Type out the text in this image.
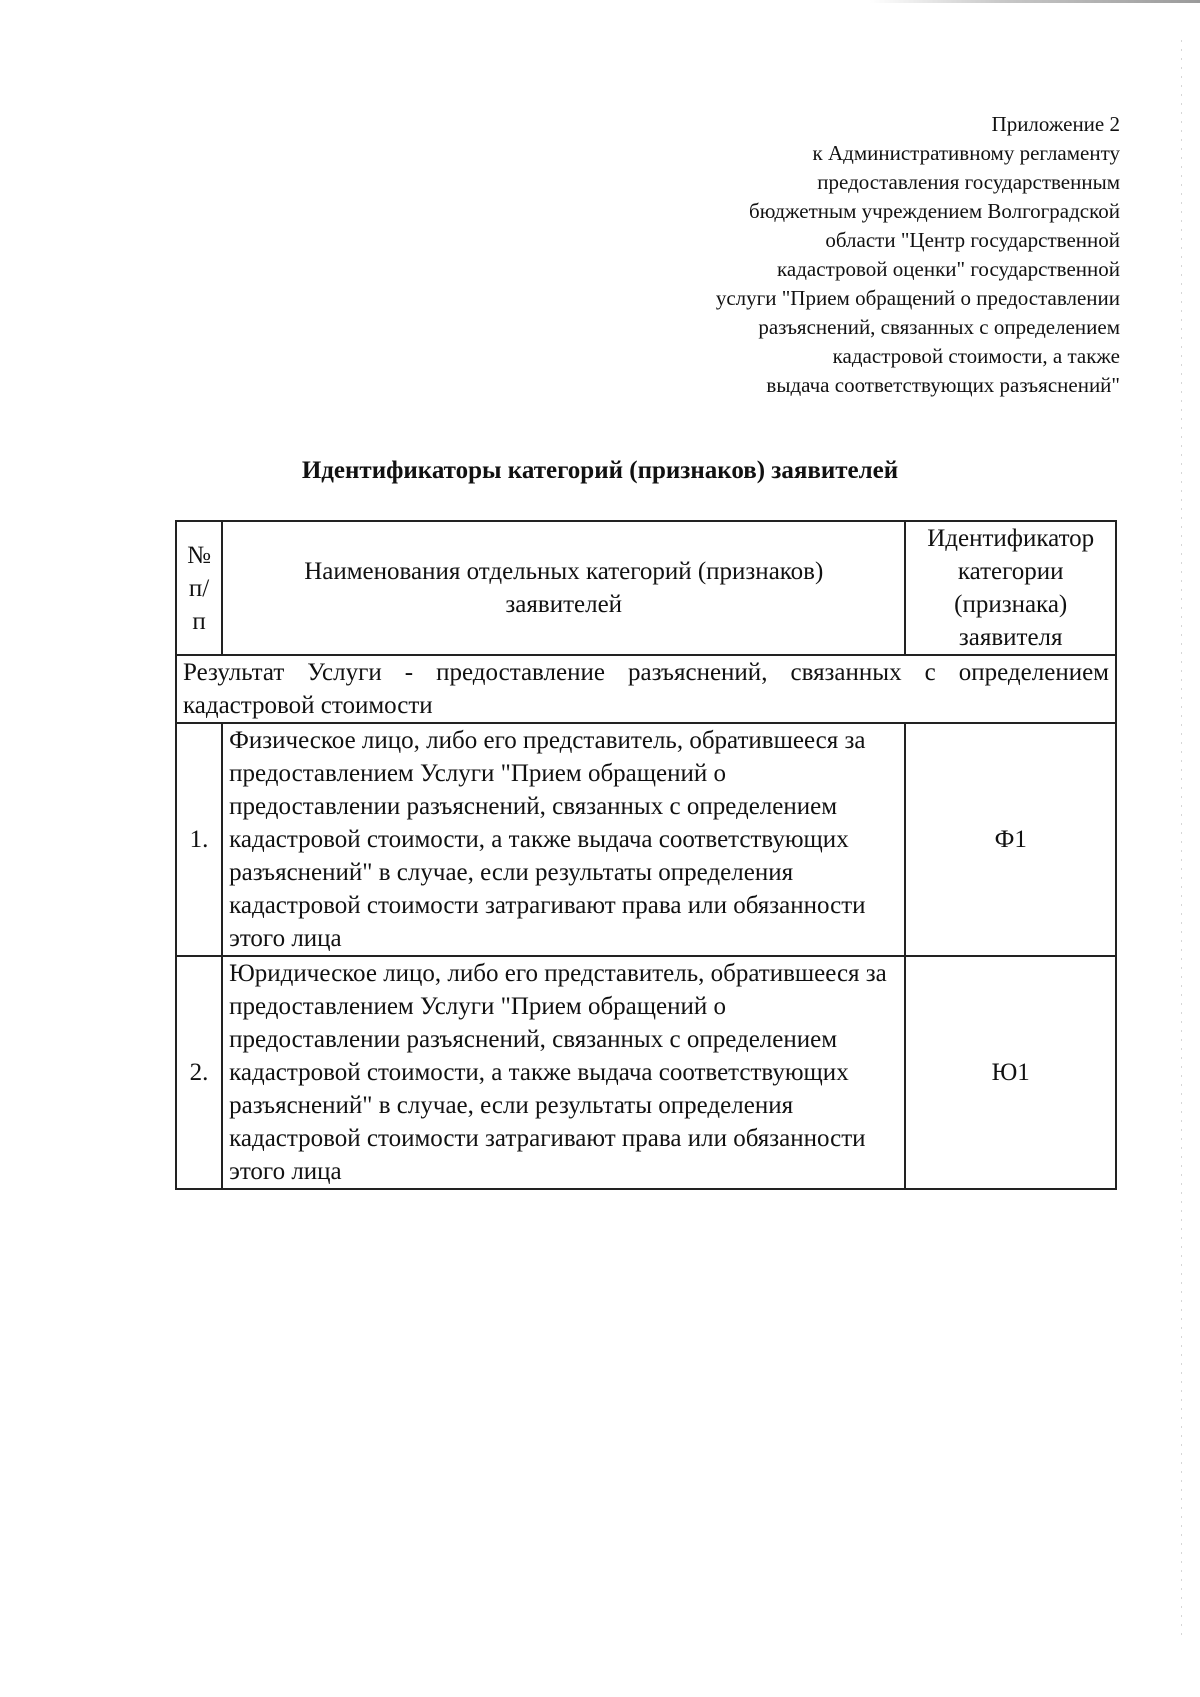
Приложение 2
к Административному регламенту
предоставления государственным
бюджетным учреждением Волгоградской
области "Центр государственной
кадастровой оценки" государственной
услуги "Прием обращений о предоставлении
разъяснений, связанных с определением
кадастровой стоимости, а также
выдача соответствующих разъяснений"
Идентификаторы категорий (признаков) заявителей
№ п/п	Наименования отдельных категорий (признаков) заявителей	Идентификатор категории (признака) заявителя
Результат Услуги - предоставление разъяснений, связанных с определением кадастровой стоимости		
1.	Физическое лицо, либо его представитель, обратившееся за предоставлением Услуги "Прием обращений о предоставлении разъяснений, связанных с определением кадастровой стоимости, а также выдача соответствующих разъяснений" в случае, если результаты определения кадастровой стоимости затрагивают права или обязанности этого лица	Ф1
2.	Юридическое лицо, либо его представитель, обратившееся за предоставлением Услуги "Прием обращений о предоставлении разъяснений, связанных с определением кадастровой стоимости, а также выдача соответствующих разъяснений" в случае, если результаты определения кадастровой стоимости затрагивают права или обязанности этого лица	Ю1
